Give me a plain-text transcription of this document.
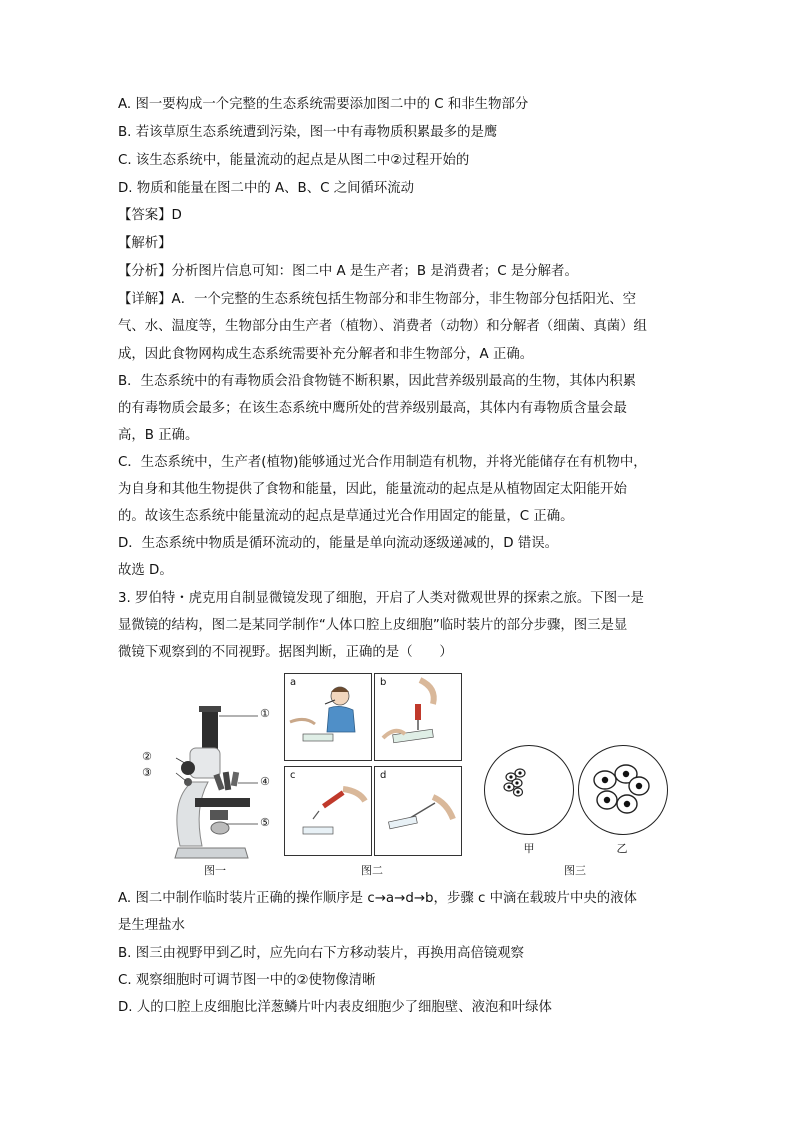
A. 图一要构成一个完整的生态系统需要添加图二中的 C 和非生物部分
B. 若该草原生态系统遭到污染，图一中有毒物质积累最多的是鹰
C. 该生态系统中，能量流动的起点是从图二中②过程开始的
D. 物质和能量在图二中的 A、B、C 之间循环流动
【答案】D
【解析】
【分析】分析图片信息可知：图二中 A 是生产者；B 是消费者；C 是分解者。
【详解】A．一个完整的生态系统包括生物部分和非生物部分，非生物部分包括阳光、空
气、水、温度等，生物部分由生产者（植物）、消费者（动物）和分解者（细菌、真菌）组
成，因此食物网构成生态系统需要补充分解者和非生物部分，A 正确。
B．生态系统中的有毒物质会沿食物链不断积累，因此营养级别最高的生物，其体内积累
的有毒物质会最多；在该生态系统中鹰所处的营养级别最高，其体内有毒物质含量会最
高，B 正确。
C．生态系统中，生产者(植物)能够通过光合作用制造有机物，并将光能储存在有机物中，
为自身和其他生物提供了食物和能量，因此，能量流动的起点是从植物固定太阳能开始
的。故该生态系统中能量流动的起点是草通过光合作用固定的能量，C 正确。
D．生态系统中物质是循环流动的，能量是单向流动逐级递减的，D 错误。
故选 D。
3. 罗伯特・虎克用自制显微镜发现了细胞，开启了人类对微观世界的探索之旅。下图一是
显微镜的结构，图二是某同学制作“人体口腔上皮细胞”临时装片的部分步骤，图三是显
微镜下观察到的不同视野。据图判断，正确的是（　　）
①
②
③
④
⑤
图一
a	b
c	d
图二
甲	乙
图三
A. 图二中制作临时装片正确的操作顺序是 c→a→d→b，步骤 c 中滴在载玻片中央的液体
是生理盐水
B. 图三由视野甲到乙时，应先向右下方移动装片，再换用高倍镜观察
C. 观察细胞时可调节图一中的②使物像清晰
D. 人的口腔上皮细胞比洋葱鳞片叶内表皮细胞少了细胞壁、液泡和叶绿体
